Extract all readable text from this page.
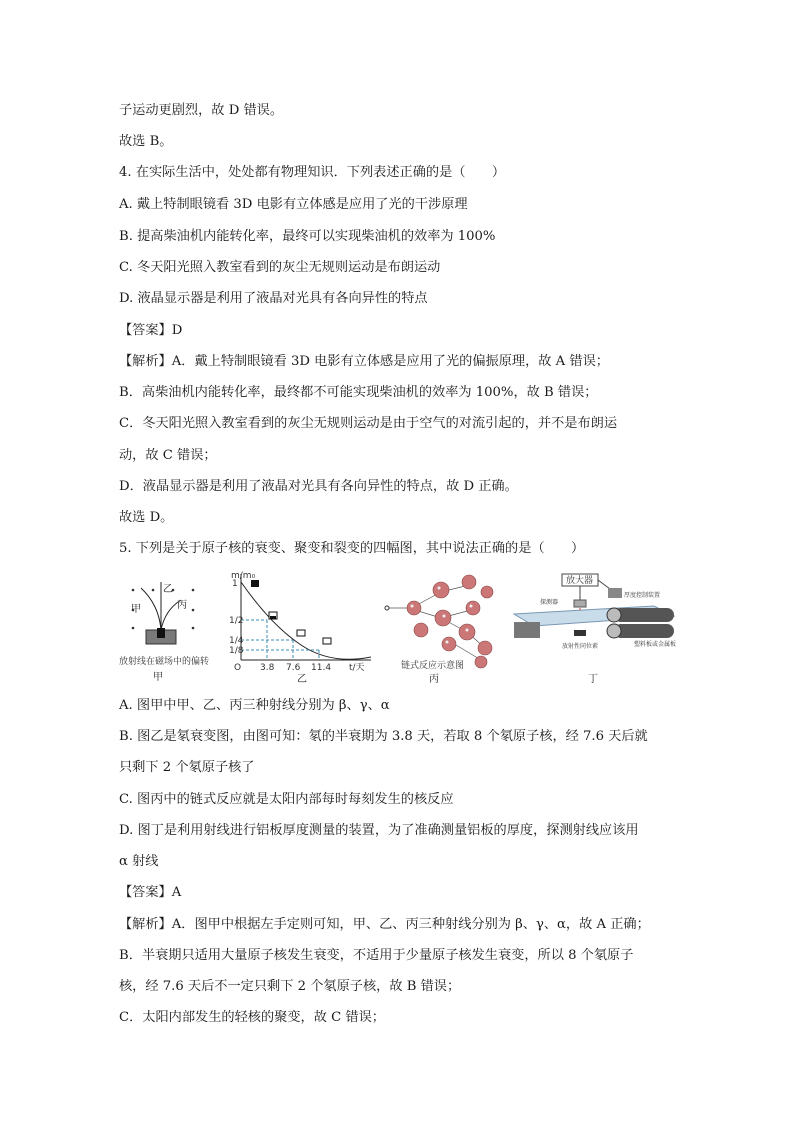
子运动更剧烈，故 D 错误。
故选 B。
4. 在实际生活中，处处都有物理知识．下列表述正确的是（　　）
A. 戴上特制眼镜看 3D 电影有立体感是应用了光的干涉原理
B. 提高柴油机内能转化率，最终可以实现柴油机的效率为 100%
C. 冬天阳光照入教室看到的灰尘无规则运动是布朗运动
D. 液晶显示器是利用了液晶对光具有各向异性的特点
【答案】D
【解析】A．戴上特制眼镜看 3D 电影有立体感是应用了光的偏振原理，故 A 错误；
B．高柴油机内能转化率，最终都不可能实现柴油机的效率为 100%，故 B 错误；
C．冬天阳光照入教室看到的灰尘无规则运动是由于空气的对流引起的，并不是布朗运
动，故 C 错误；
D．液晶显示器是利用了液晶对光具有各向异性的特点，故 D 正确。
故选 D。
5. 下列是关于原子核的衰变、聚变和裂变的四幅图，其中说法正确的是（　　）
甲
乙
丙
放射线在磁场中的偏转
甲
m/m₀
1
1/2
1/4
1/8
O 3.8 7.6 11.4 t/天
乙
链式反应示意图
丙
放大器
厚度控制装置
探测器
塑料板或金属板
放射性同位素
丁
A. 图甲中甲、乙、丙三种射线分别为 β、γ、α
B. 图乙是氡衰变图，由图可知：氡的半衰期为 3.8 天，若取 8 个氡原子核，经 7.6 天后就
只剩下 2 个氡原子核了
C. 图丙中的链式反应就是太阳内部每时每刻发生的核反应
D. 图丁是利用射线进行铝板厚度测量的装置，为了准确测量铝板的厚度，探测射线应该用
α 射线
【答案】A
【解析】A．图甲中根据左手定则可知，甲、乙、丙三种射线分别为 β、γ、α，故 A 正确；
B．半衰期只适用大量原子核发生衰变，不适用于少量原子核发生衰变，所以 8 个氡原子
核，经 7.6 天后不一定只剩下 2 个氡原子核，故 B 错误；
C．太阳内部发生的轻核的聚变，故 C 错误；
